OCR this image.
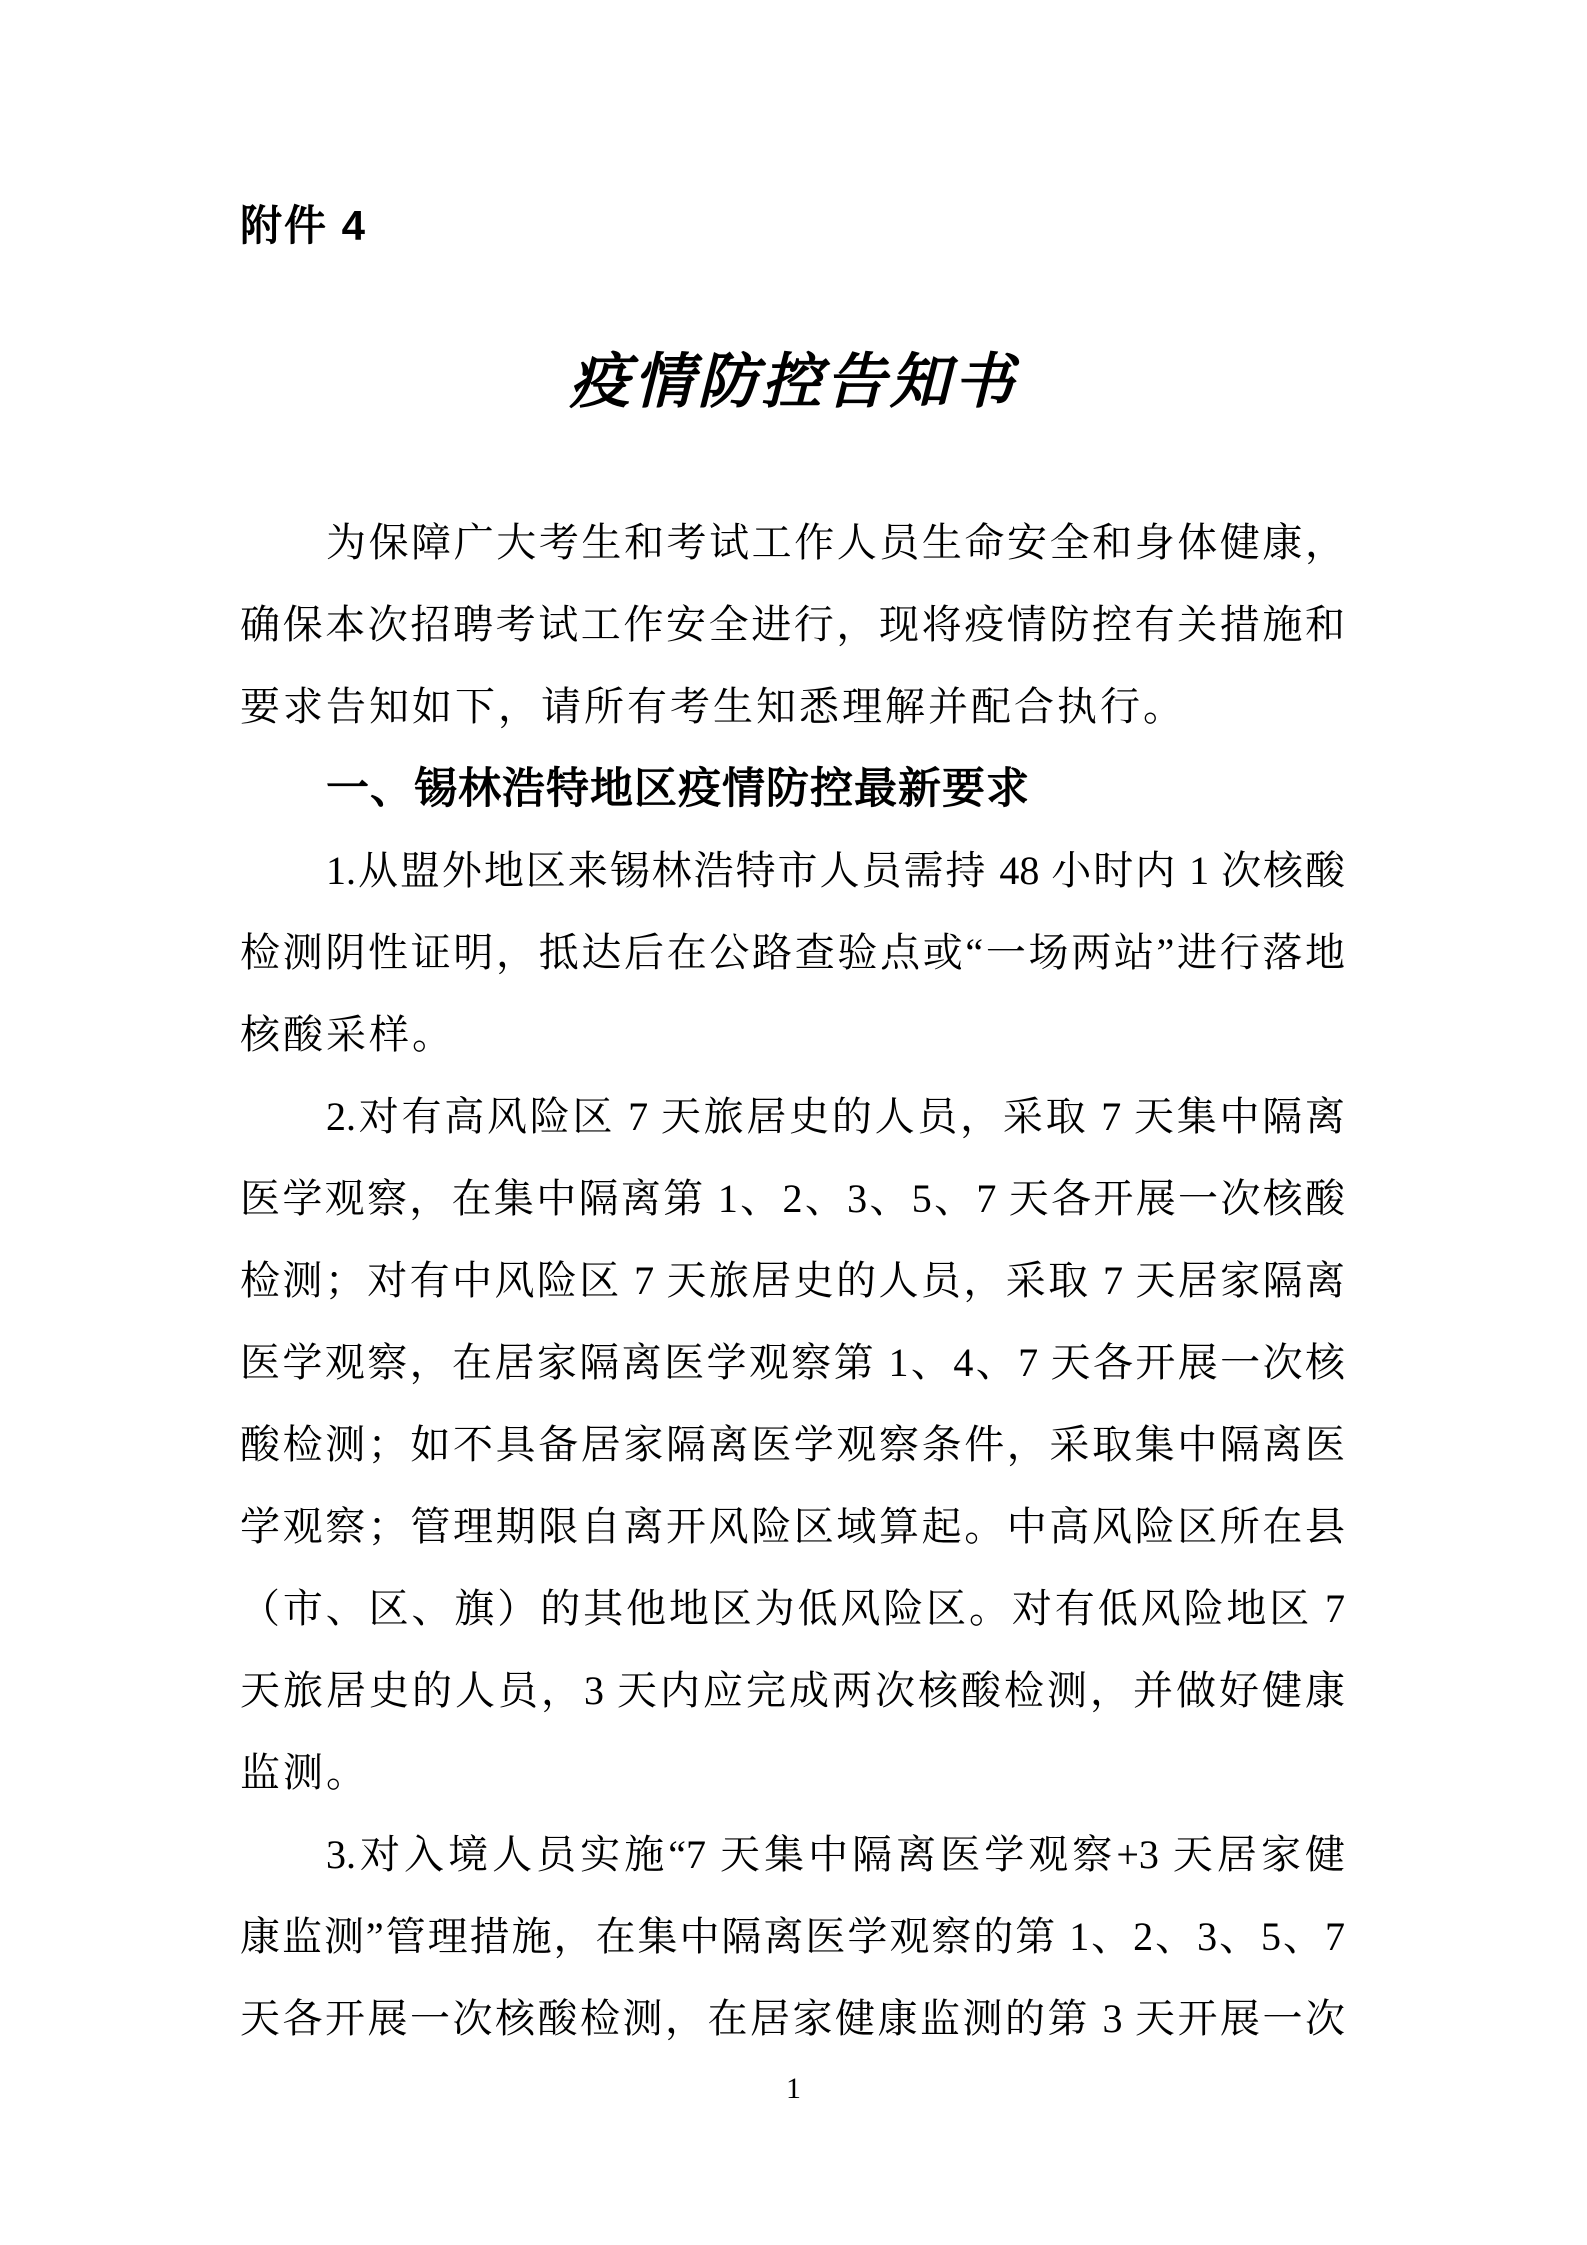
附件 4
疫情防控告知书
为保障广大考生和考试工作人员生命安全和身体健康，
确保本次招聘考试工作安全进行，现将疫情防控有关措施和
要求告知如下，请所有考生知悉理解并配合执行。
一、锡林浩特地区疫情防控最新要求
1.从盟外地区来锡林浩特市人员需持 48 小时内 1 次核酸
检测阴性证明，抵达后在公路查验点或“一场两站”进行落地
核酸采样。
2.对有高风险区 7 天旅居史的人员，采取 7 天集中隔离
医学观察，在集中隔离第 1、2、3、5、7 天各开展一次核酸
检测；对有中风险区 7 天旅居史的人员，采取 7 天居家隔离
医学观察，在居家隔离医学观察第 1、4、7 天各开展一次核
酸检测；如不具备居家隔离医学观察条件，采取集中隔离医
学观察；管理期限自离开风险区域算起。中高风险区所在县
（市、区、旗）的其他地区为低风险区。对有低风险地区 7
天旅居史的人员，3 天内应完成两次核酸检测，并做好健康
监测。
3.对入境人员实施“7 天集中隔离医学观察+3 天居家健
康监测”管理措施，在集中隔离医学观察的第 1、2、3、5、7
天各开展一次核酸检测，在居家健康监测的第 3 天开展一次
1
